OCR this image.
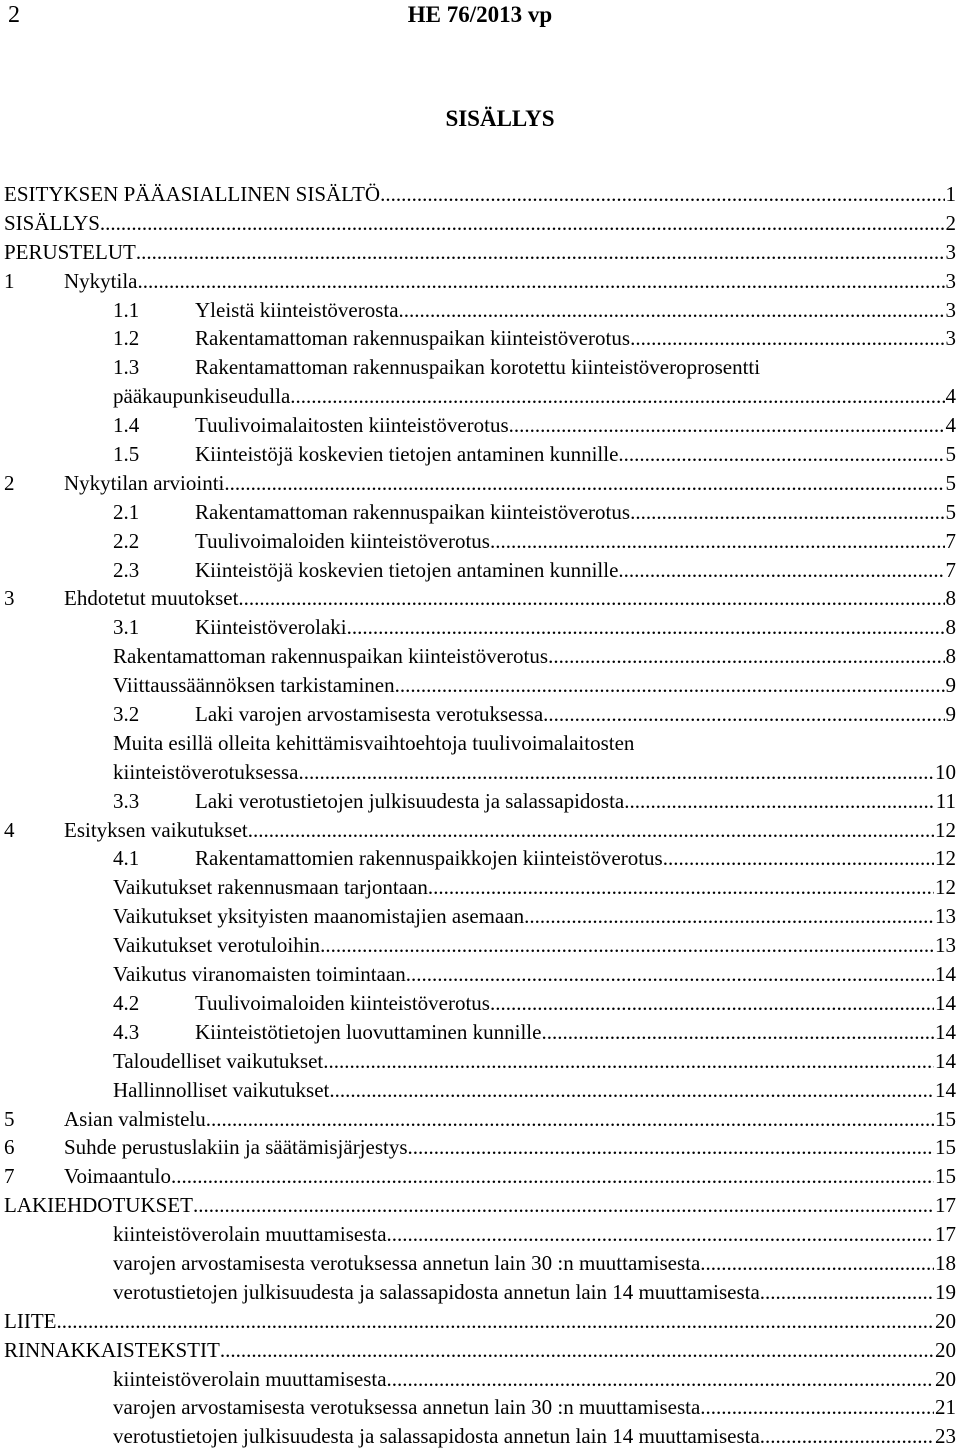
2	HE 76/2013 vp
SISÄLLYS
ESITYKSEN PÄÄASIALLINEN SISÄLTÖ .....	1
SISÄLLYS .....	2
PERUSTELUT .....	3
1 Nykytila .....	3
1.1	Yleistä kiinteistöverosta .....	3
1.2	Rakentamattoman rakennuspaikan kiinteistöverotus .....	3
1.3	Rakentamattoman rakennuspaikan korotettu kiinteistöveroprosentti
pääkaupunkiseudulla .....	4
1.4	Tuulivoimalaitosten kiinteistöverotus .....	4
1.5	Kiinteistöjä koskevien tietojen antaminen kunnille .....	5
2 Nykytilan arviointi .....	5
2.1	Rakentamattoman rakennuspaikan kiinteistöverotus .....	5
2.2	Tuulivoimaloiden kiinteistöverotus .....	7
2.3	Kiinteistöjä koskevien tietojen antaminen kunnille .....	7
3 Ehdotetut muutokset .....	8
3.1	Kiinteistöverolaki .....	8
Rakentamattoman rakennuspaikan kiinteistöverotus .....	8
Viittaussäännöksen tarkistaminen .....	9
3.2	Laki varojen arvostamisesta verotuksessa .....	9
Muita esillä olleita kehittämisvaihtoehtoja tuulivoimalaitosten
kiinteistöverotuksessa .....	10
3.3	Laki verotustietojen julkisuudesta ja salassapidosta .....	11
4 Esityksen vaikutukset .....	12
4.1	Rakentamattomien rakennuspaikkojen kiinteistöverotus .....	12
Vaikutukset rakennusmaan tarjontaan .....	12
Vaikutukset yksityisten maanomistajien asemaan .....	13
Vaikutukset verotuloihin .....	13
Vaikutus viranomaisten toimintaan .....	14
4.2	Tuulivoimaloiden kiinteistöverotus .....	14
4.3	Kiinteistötietojen luovuttaminen kunnille .....	14
Taloudelliset vaikutukset .....	14
Hallinnolliset vaikutukset .....	14
5 Asian valmistelu .....	15
6 Suhde perustuslakiin ja säätämisjärjestys .....	15
7 Voimaantulo .....	15
LAKIEHDOTUKSET .....	17
kiinteistöverolain muuttamisesta .....	17
varojen arvostamisesta verotuksessa annetun lain 30 :n muuttamisesta .....	18
verotustietojen julkisuudesta ja salassapidosta annetun lain 14 muuttamisesta .....	19
LIITE .....	20
RINNAKKAISTEKSTIT .....	20
kiinteistöverolain muuttamisesta .....	20
varojen arvostamisesta verotuksessa annetun lain 30 :n muuttamisesta .....	21
verotustietojen julkisuudesta ja salassapidosta annetun lain 14 muuttamisesta .....	23
